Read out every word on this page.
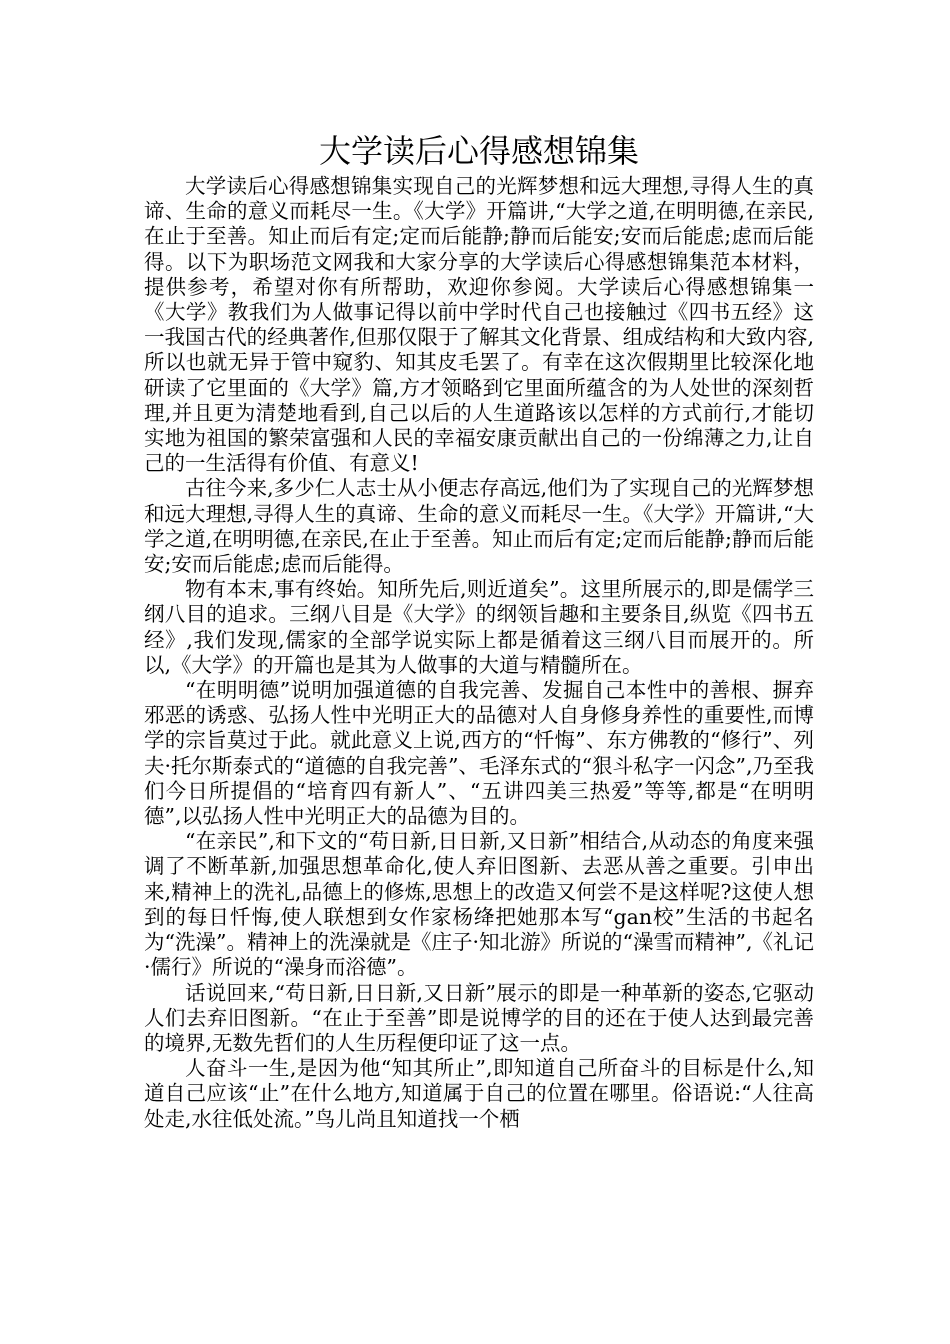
大学读后心得感想锦集

大学读后心得感想锦集实现自己的光辉梦想和远大理想,寻得人生的真谛、生命的意义而耗尽一生。《大学》开篇讲,“大学之道,在明明德,在亲民,在止于至善。知止而后有定;定而后能静;静而后能安;安而后能虑;虑而后能得。以下为职场范文网我和大家分享的大学读后心得感想锦集范本材料，提供参考，希望对你有所帮助，欢迎你参阅。大学读后心得感想锦集一《大学》教我们为人做事记得以前中学时代自己也接触过《四书五经》这一我国古代的经典著作,但那仅限于了解其文化背景、组成结构和大致内容,所以也就无异于管中窥豹、知其皮毛罢了。有幸在这次假期里比较深化地研读了它里面的《大学》篇,方才领略到它里面所蕴含的为人处世的深刻哲理,并且更为清楚地看到,自己以后的人生道路该以怎样的方式前行,才能切实地为祖国的繁荣富强和人民的幸福安康贡献出自己的一份绵薄之力,让自己的一生活得有价值、有意义!

古往今来,多少仁人志士从小便志存高远,他们为了实现自己的光辉梦想和远大理想,寻得人生的真谛、生命的意义而耗尽一生。《大学》开篇讲,“大学之道,在明明德,在亲民,在止于至善。知止而后有定;定而后能静;静而后能安;安而后能虑;虑而后能得。

物有本末,事有终始。知所先后,则近道矣”。这里所展示的,即是儒学三纲八目的追求。三纲八目是《大学》的纲领旨趣和主要条目,纵览《四书五经》,我们发现,儒家的全部学说实际上都是循着这三纲八目而展开的。所以,《大学》的开篇也是其为人做事的大道与精髓所在。

“在明明德”说明加强道德的自我完善、发掘自己本性中的善根、摒弃邪恶的诱惑、弘扬人性中光明正大的品德对人自身修身养性的重要性,而博学的宗旨莫过于此。就此意义上说,西方的“忏悔”、东方佛教的“修行”、列夫·托尔斯泰式的“道德的自我完善”、毛泽东式的“狠斗私字一闪念”,乃至我们今日所提倡的“培育四有新人”、“五讲四美三热爱”等等,都是“在明明德”,以弘扬人性中光明正大的品德为目的。

“在亲民”,和下文的“苟日新,日日新,又日新”相结合,从动态的角度来强调了不断革新,加强思想革命化,使人弃旧图新、去恶从善之重要。引申出来,精神上的洗礼,品德上的修炼,思想上的改造又何尝不是这样呢?这使人想到的每日忏悔,使人联想到女作家杨绛把她那本写“gan校”生活的书起名为“洗澡”。精神上的洗澡就是《庄子·知北游》所说的“澡雪而精神”,《礼记·儒行》所说的“澡身而浴德”。

话说回来,“苟日新,日日新,又日新”展示的即是一种革新的姿态,它驱动人们去弃旧图新。“在止于至善”即是说博学的目的还在于使人达到最完善的境界,无数先哲们的人生历程便印证了这一点。

人奋斗一生,是因为他“知其所止”,即知道自己所奋斗的目标是什么,知道自己应该“止”在什么地方,知道属于自己的位置在哪里。俗语说:“人往高处走,水往低处流。”鸟儿尚且知道找一个栖
